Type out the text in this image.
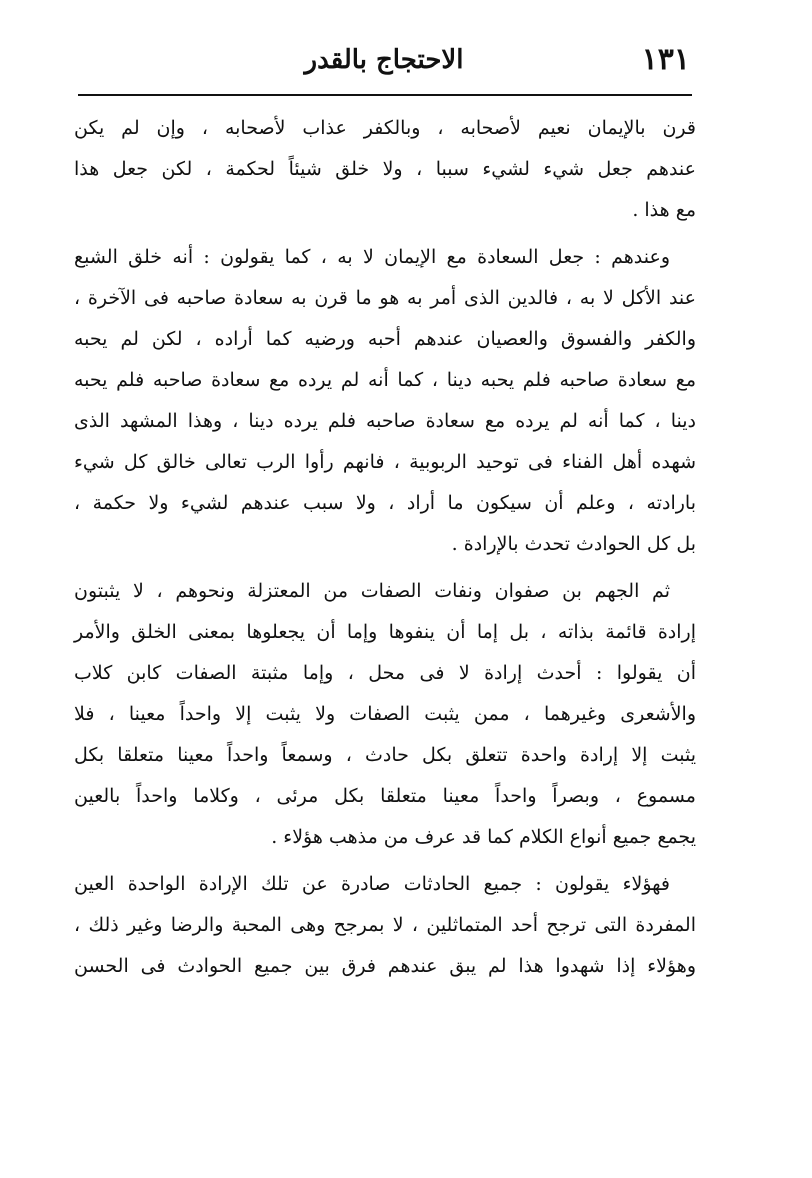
١٣١
الاحتجاج بالقدر

قرن بالإيمان نعيم لأصحابه ، وبالكفر عذاب لأصحابه ، وإن لم يكن
عندهم جعل شيء لشيء سببا ، ولا خلق شيئاً لحكمة ، لكن جعل هذا
مع هذا .

وعندهم : جعل السعادة مع الإيمان لا به ، كما يقولون : أنه خلق الشبع
عند الأكل لا به ، فالدين الذى أمر به هو ما قرن به سعادة صاحبه فى الآخرة ،
والكفر والفسوق والعصيان عندهم أحبه ورضيه كما أراده ، لكن لم يحبه
مع سعادة صاحبه فلم يحبه دينا ، كما أنه لم يرده مع سعادة صاحبه فلم يحبه
دينا ، كما أنه لم يرده مع سعادة صاحبه فلم يرده دينا ، وهذا المشهد الذى
شهده أهل الفناء فى توحيد الربوبية ، فانهم رأوا الرب تعالى خالق كل شيء
بارادته ، وعلم أن سيكون ما أراد ، ولا سبب عندهم لشيء ولا حكمة ،
بل كل الحوادث تحدث بالإرادة .

ثم الجهم بن صفوان ونفات الصفات من المعتزلة ونحوهم ، لا يثبتون
إرادة قائمة بذاته ، بل إما أن ينفوها وإما أن يجعلوها بمعنى الخلق والأمر
أن يقولوا : أحدث إرادة لا فى محل ، وإما مثبتة الصفات كابن كلاب
والأشعرى وغيرهما ، ممن يثبت الصفات ولا يثبت إلا واحداً معينا ، فلا
يثبت إلا إرادة واحدة تتعلق بكل حادث ، وسمعاً واحداً معينا متعلقا بكل
مسموع ، وبصراً واحداً معينا متعلقا بكل مرئى ، وكلاما واحداً بالعين
يجمع جميع أنواع الكلام كما قد عرف من مذهب هؤلاء .

فهؤلاء يقولون : جميع الحادثات صادرة عن تلك الإرادة الواحدة العين
المفردة التى ترجح أحد المتماثلين ، لا بمرجح وهى المحبة والرضا وغير ذلك ،
وهؤلاء إذا شهدوا هذا لم يبق عندهم فرق بين جميع الحوادث فى الحسن
